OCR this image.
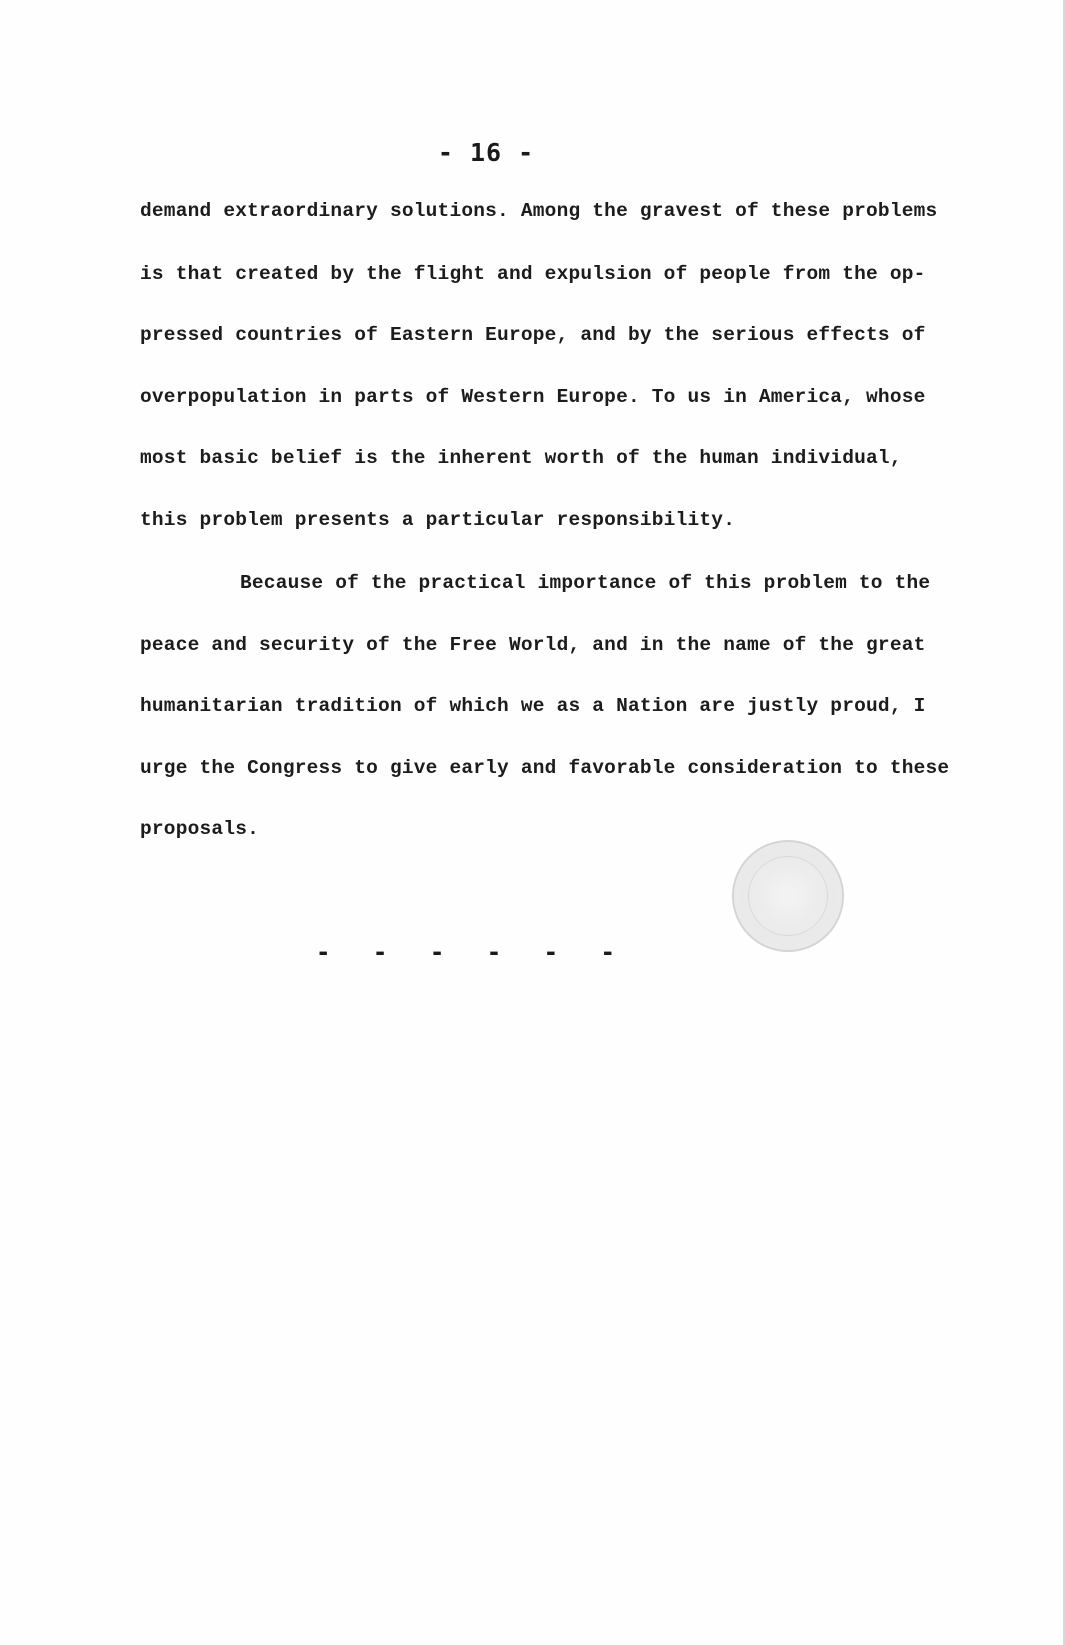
- 16 -

demand extraordinary solutions. Among the gravest of these problems

is that created by the flight and expulsion of people from the op-

pressed countries of Eastern Europe, and by the serious effects of

overpopulation in parts of Western Europe. To us in America, whose

most basic belief is the inherent worth of the human individual,

this problem presents a particular responsibility.

Because of the practical importance of this problem to the

peace and security of the Free World, and in the name of the great

humanitarian tradition of which we as a Nation are justly proud, I

urge the Congress to give early and favorable consideration to these

proposals.

- - - - - -
